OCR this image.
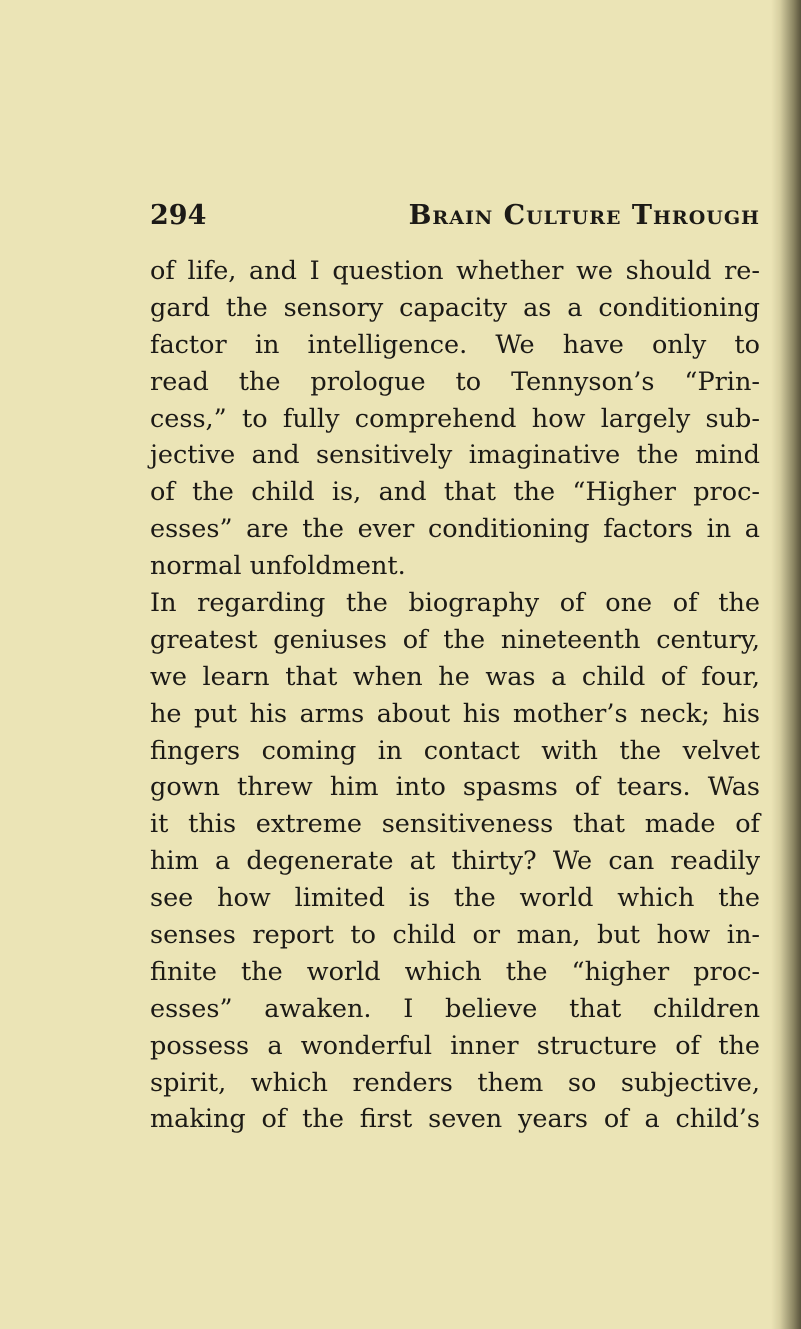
294	Brain Culture Through
of life, and I question whether we should re-
gard the sensory capacity as a conditioning
factor in intelligence. We have only to
read the prologue to Tennyson’s “Prin-
cess,” to fully comprehend how largely sub-
jective and sensitively imaginative the mind
of the child is, and that the “Higher proc-
esses” are the ever conditioning factors in a
normal unfoldment.
In regarding the biography of one of the
greatest geniuses of the nineteenth century,
we learn that when he was a child of four,
he put his arms about his mother’s neck; his
fingers coming in contact with the velvet
gown threw him into spasms of tears. Was
it this extreme sensitiveness that made of
him a degenerate at thirty? We can readily
see how limited is the world which the
senses report to child or man, but how in-
finite the world which the “higher proc-
esses” awaken. I believe that children
possess a wonderful inner structure of the
spirit, which renders them so subjective,
making of the first seven years of a child’s
